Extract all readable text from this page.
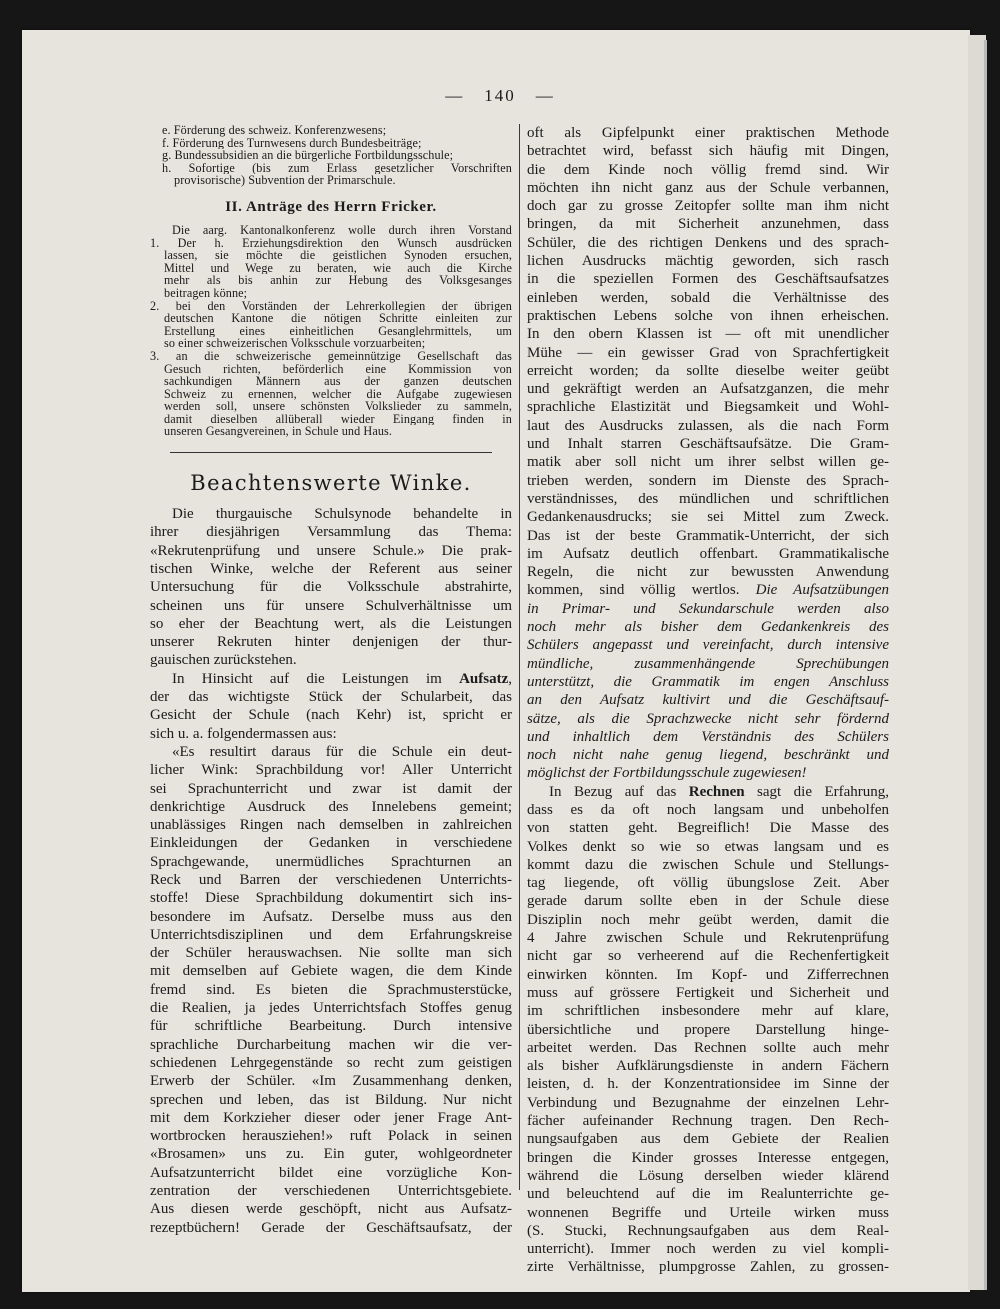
— 140 —
e. Förderung des schweiz. Konferenzwesens;
f. Förderung des Turnwesens durch Bundesbeiträge;
g. Bundessubsidien an die bürgerliche Fortbildungsschule;
h. Sofortige (bis zum Erlass gesetzlicher Vorschriften
provisorische) Subvention der Primarschule.
II. Anträge des Herrn Fricker.
Die aarg. Kantonalkonferenz wolle durch ihren Vorstand
1. Der h. Erziehungsdirektion den Wunsch ausdrücken
lassen, sie möchte die geistlichen Synoden ersuchen,
Mittel und Wege zu beraten, wie auch die Kirche
mehr als bis anhin zur Hebung des Volksgesanges
beitragen könne;
2. bei den Vorständen der Lehrerkollegien der übrigen
deutschen Kantone die nötigen Schritte einleiten zur
Erstellung eines einheitlichen Gesanglehrmittels, um
so einer schweizerischen Volksschule vorzuarbeiten;
3. an die schweizerische gemeinnützige Gesellschaft das
Gesuch richten, beförderlich eine Kommission von
sachkundigen Männern aus der ganzen deutschen
Schweiz zu ernennen, welcher die Aufgabe zugewiesen
werden soll, unsere schönsten Volkslieder zu sammeln,
damit dieselben allüberall wieder Eingang finden in
unseren Gesangvereinen, in Schule und Haus.
Beachtenswerte Winke.
Die thurgauische Schulsynode behandelte in
ihrer diesjährigen Versammlung das Thema:
«Rekrutenprüfung und unsere Schule.» Die prak-
tischen Winke, welche der Referent aus seiner
Untersuchung für die Volksschule abstrahirte,
scheinen uns für unsere Schulverhältnisse um
so eher der Beachtung wert, als die Leistungen
unserer Rekruten hinter denjenigen der thur-
gauischen zurückstehen.
In Hinsicht auf die Leistungen im Aufsatz,
der das wichtigste Stück der Schularbeit, das
Gesicht der Schule (nach Kehr) ist, spricht er
sich u. a. folgendermassen aus:
«Es resultirt daraus für die Schule ein deut-
licher Wink: Sprachbildung vor! Aller Unterricht
sei Sprachunterricht und zwar ist damit der
denkrichtige Ausdruck des Innelebens gemeint;
unablässiges Ringen nach demselben in zahlreichen
Einkleidungen der Gedanken in verschiedene
Sprachgewande, unermüdliches Sprachturnen an
Reck und Barren der verschiedenen Unterrichts-
stoffe! Diese Sprachbildung dokumentirt sich ins-
besondere im Aufsatz. Derselbe muss aus den
Unterrichtsdisziplinen und dem Erfahrungskreise
der Schüler herauswachsen. Nie sollte man sich
mit demselben auf Gebiete wagen, die dem Kinde
fremd sind. Es bieten die Sprachmusterstücke,
die Realien, ja jedes Unterrichtsfach Stoffes genug
für schriftliche Bearbeitung. Durch intensive
sprachliche Durcharbeitung machen wir die ver-
schiedenen Lehrgegenstände so recht zum geistigen
Erwerb der Schüler. «Im Zusammenhang denken,
sprechen und leben, das ist Bildung. Nur nicht
mit dem Korkzieher dieser oder jener Frage Ant-
wortbrocken herausziehen!» ruft Polack in seinen
«Brosamen» uns zu. Ein guter, wohlgeordneter
Aufsatzunterricht bildet eine vorzügliche Kon-
zentration der verschiedenen Unterrichtsgebiete.
Aus diesen werde geschöpft, nicht aus Aufsatz-
rezeptbüchern! Gerade der Geschäftsaufsatz, der
oft als Gipfelpunkt einer praktischen Methode
betrachtet wird, befasst sich häufig mit Dingen,
die dem Kinde noch völlig fremd sind. Wir
möchten ihn nicht ganz aus der Schule verbannen,
doch gar zu grosse Zeitopfer sollte man ihm nicht
bringen, da mit Sicherheit anzunehmen, dass
Schüler, die des richtigen Denkens und des sprach-
lichen Ausdrucks mächtig geworden, sich rasch
in die speziellen Formen des Geschäftsaufsatzes
einleben werden, sobald die Verhältnisse des
praktischen Lebens solche von ihnen erheischen.
In den obern Klassen ist — oft mit unendlicher
Mühe — ein gewisser Grad von Sprachfertigkeit
erreicht worden; da sollte dieselbe weiter geübt
und gekräftigt werden an Aufsatzganzen, die mehr
sprachliche Elastizität und Biegsamkeit und Wohl-
laut des Ausdrucks zulassen, als die nach Form
und Inhalt starren Geschäftsaufsätze. Die Gram-
matik aber soll nicht um ihrer selbst willen ge-
trieben werden, sondern im Dienste des Sprach-
verständnisses, des mündlichen und schriftlichen
Gedankenausdrucks; sie sei Mittel zum Zweck.
Das ist der beste Grammatik-Unterricht, der sich
im Aufsatz deutlich offenbart. Grammatikalische
Regeln, die nicht zur bewussten Anwendung
kommen, sind völlig wertlos. Die Aufsatzübungen
in Primar- und Sekundarschule werden also
noch mehr als bisher dem Gedankenkreis des
Schülers angepasst und vereinfacht, durch intensive
mündliche, zusammenhängende Sprechübungen
unterstützt, die Grammatik im engen Anschluss
an den Aufsatz kultivirt und die Geschäftsauf-
sätze, als die Sprachzwecke nicht sehr fördernd
und inhaltlich dem Verständnis des Schülers
noch nicht nahe genug liegend, beschränkt und
möglichst der Fortbildungsschule zugewiesen!
In Bezug auf das Rechnen sagt die Erfahrung,
dass es da oft noch langsam und unbeholfen
von statten geht. Begreiflich! Die Masse des
Volkes denkt so wie so etwas langsam und es
kommt dazu die zwischen Schule und Stellungs-
tag liegende, oft völlig übungslose Zeit. Aber
gerade darum sollte eben in der Schule diese
Disziplin noch mehr geübt werden, damit die
4 Jahre zwischen Schule und Rekrutenprüfung
nicht gar so verheerend auf die Rechenfertigkeit
einwirken könnten. Im Kopf- und Zifferrechnen
muss auf grössere Fertigkeit und Sicherheit und
im schriftlichen insbesondere mehr auf klare,
übersichtliche und propere Darstellung hinge-
arbeitet werden. Das Rechnen sollte auch mehr
als bisher Aufklärungsdienste in andern Fächern
leisten, d. h. der Konzentrationsidee im Sinne der
Verbindung und Bezugnahme der einzelnen Lehr-
fächer aufeinander Rechnung tragen. Den Rech-
nungsaufgaben aus dem Gebiete der Realien
bringen die Kinder grosses Interesse entgegen,
während die Lösung derselben wieder klärend
und beleuchtend auf die im Realunterrichte ge-
wonnenen Begriffe und Urteile wirken muss
(S. Stucki, Rechnungsaufgaben aus dem Real-
unterricht). Immer noch werden zu viel kompli-
zirte Verhältnisse, plumpgrosse Zahlen, zu grossen-
